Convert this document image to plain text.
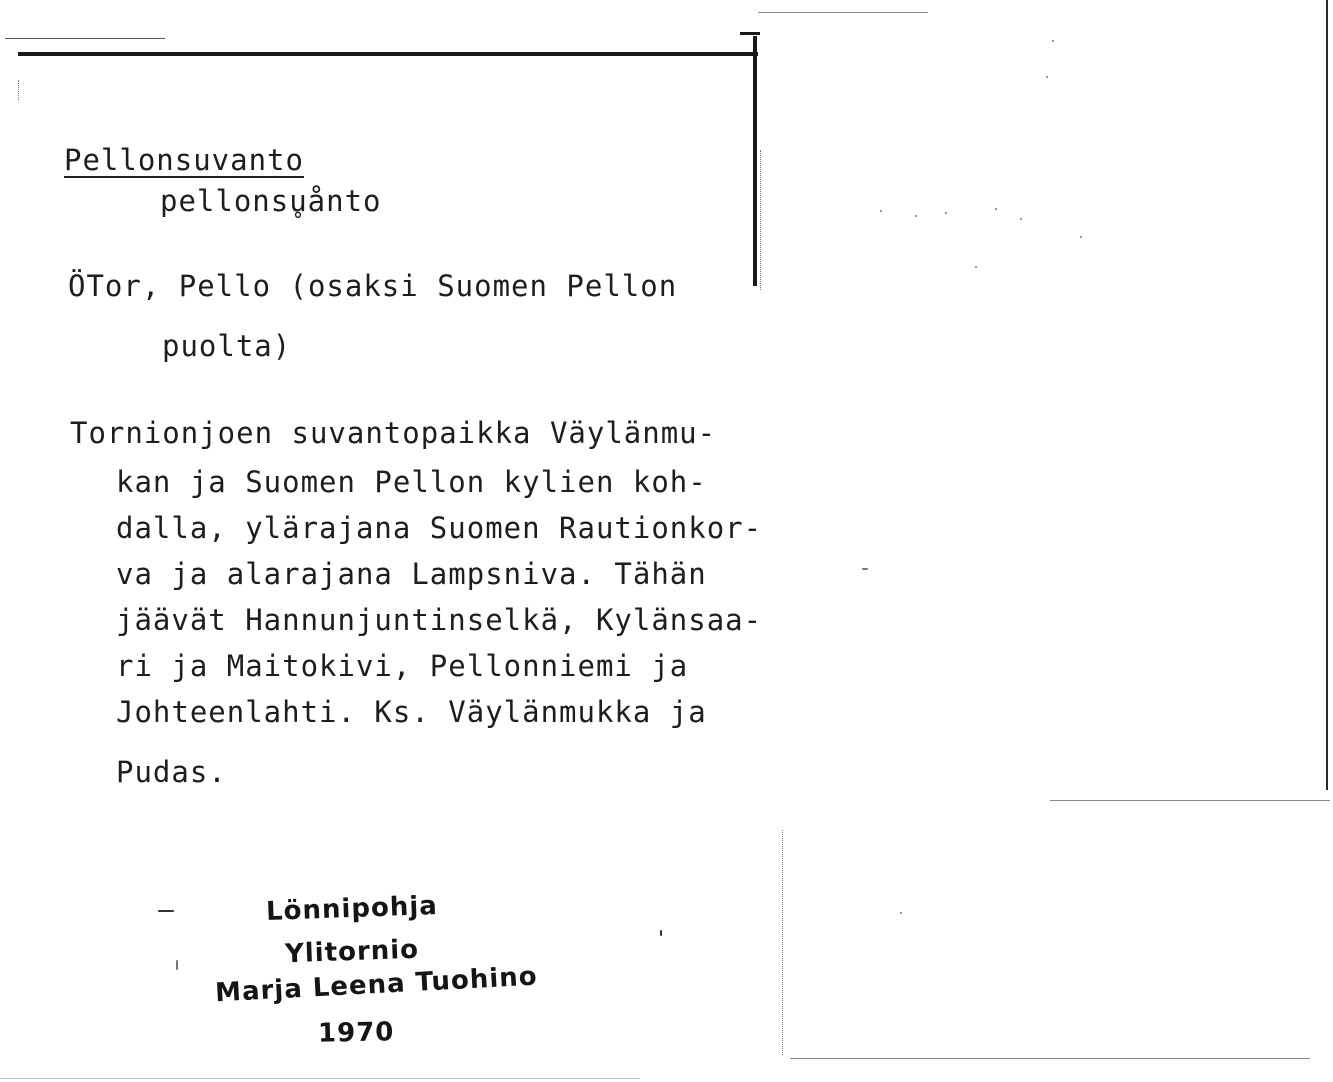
Pellonsuvanto
pellonsu̥ånto
ÖTor, Pello (osaksi Suomen Pellon
puolta)
Tornionjoen suvantopaikka Väylänmu-
kan ja Suomen Pellon kylien koh-
dalla, ylärajana Suomen Rautionkor-
va ja alarajana Lampsniva. Tähän
jäävät Hannunjuntinselkä, Kylänsaa-
ri ja Maitokivi, Pellonniemi ja
Johteenlahti. Ks. Väylänmukka ja
Pudas.
Lönnipohja
Ylitornio
Marja Leena Tuohino
1970
